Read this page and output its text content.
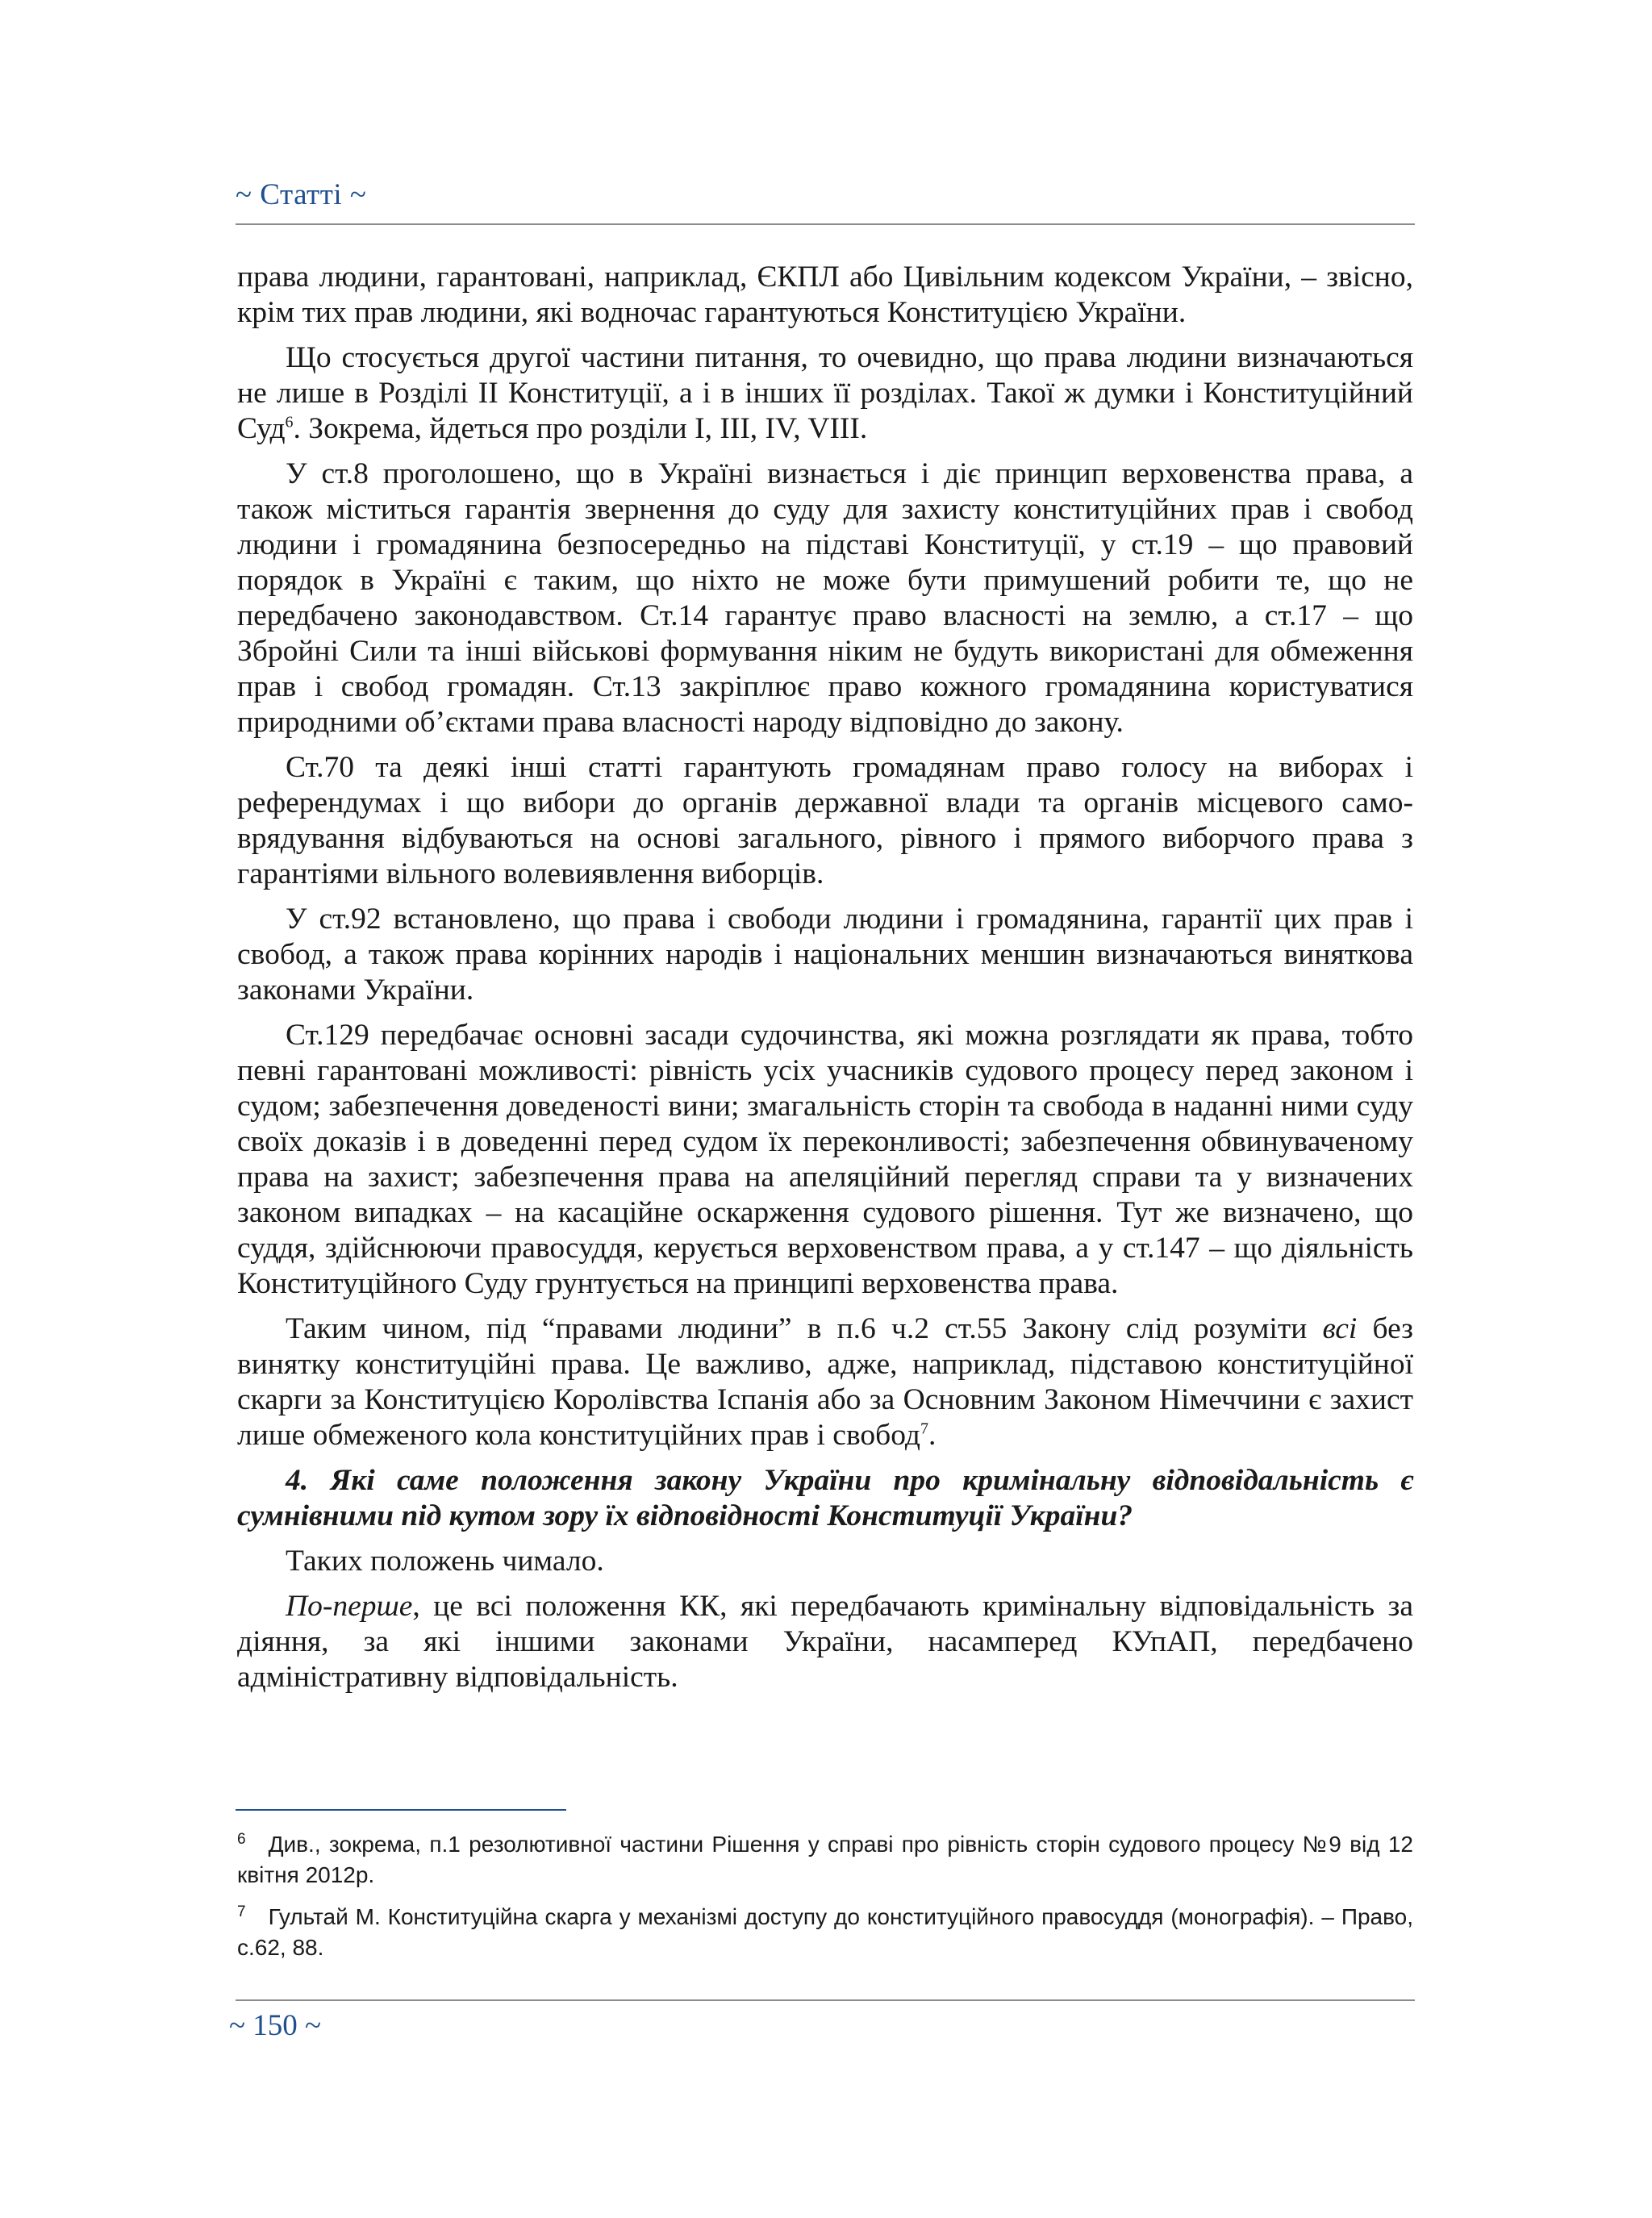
~ Статті ~

права людини, гарантовані, наприклад, ЄКПЛ або Цивільним кодексом України, – звісно, крім тих прав людини, які водночас гарантуються Конституцією України.

Що стосується другої частини питання, то очевидно, що права людини визначаються не лише в Розділі ІІ Конституції, а і в інших її розділах. Такої ж думки і Конституційний Суд$^6$. Зокрема, йдеться про розділи І, ІІІ, IV, VIII.

У ст.8 проголошено, що в Україні визнається і діє принцип верховенства права, а також міститься гарантія звернення до суду для захисту конституційних прав і свобод людини і громадянина безпосередньо на підставі Конституції, у ст.19 – що правовий порядок в Україні є таким, що ніхто не може бути примушений робити те, що не передбачено законодавством. Ст.14 гарантує право власності на землю, а ст.17 – що Збройні Сили та інші військові формування ніким не будуть використані для обмеження прав і свобод громадян. Ст.13 закріплює право кожного громадянина користуватися природними об’єктами права власності народу відповідно до закону.

Ст.70 та деякі інші статті гарантують громадянам право голосу на виборах і референдумах і що вибори до органів державної влади та органів місцевого самоврядування відбуваються на основі загального, рівного і прямого виборчого права з гарантіями вільного волевиявлення виборців.

У ст.92 встановлено, що права і свободи людини і громадянина, гарантії цих прав і свобод, а також права корінних народів і національних меншин визначаються виняткова законами України.

Ст.129 передбачає основні засади судочинства, які можна розглядати як права, тобто певні гарантовані можливості: рівність усіх учасників судового процесу перед законом і судом; забезпечення доведеності вини; змагальність сторін та свобода в наданні ними суду своїх доказів і в доведенні перед судом їх переконливості; забезпечення обвинуваченому права на захист; забезпечення права на апеляційний перегляд справи та у визначених законом випадках – на касаційне оскарження судового рішення. Тут же визначено, що суддя, здійснюючи правосуддя, керується верховенством права, а у ст.147 – що діяльність Конституційного Суду грунтується на принципі верховенства права.

Таким чином, під “правами людини” в п.6 ч.2 ст.55 Закону слід розуміти всі без винятку конституційні права. Це важливо, адже, наприклад, підставою конституційної скарги за Конституцією Королівства Іспанія або за Основним Законом Німеччини є захист лише обмеженого кола конституційних прав і свобод$^7$.

4. Які саме положення закону України про кримінальну відповідальність є сумнівними під кутом зору їх відповідності Конституції України?

Таких положень чимало.

По-перше, це всі положення КК, які передбачають кримінальну відповідальність за діяння, за які іншими законами України, насамперед КУпАП, передбачено адміністративну відповідальність.

$^6$ Див., зокрема, п.1 резолютивної частини Рішення у справі про рівність сторін судового процесу №9 від 12 квітня 2012р.
$^7$ Гультай М. Конституційна скарга у механізмі доступу до конституційного правосуддя (монографія). – Право, с.62, 88.
~ 150 ~
